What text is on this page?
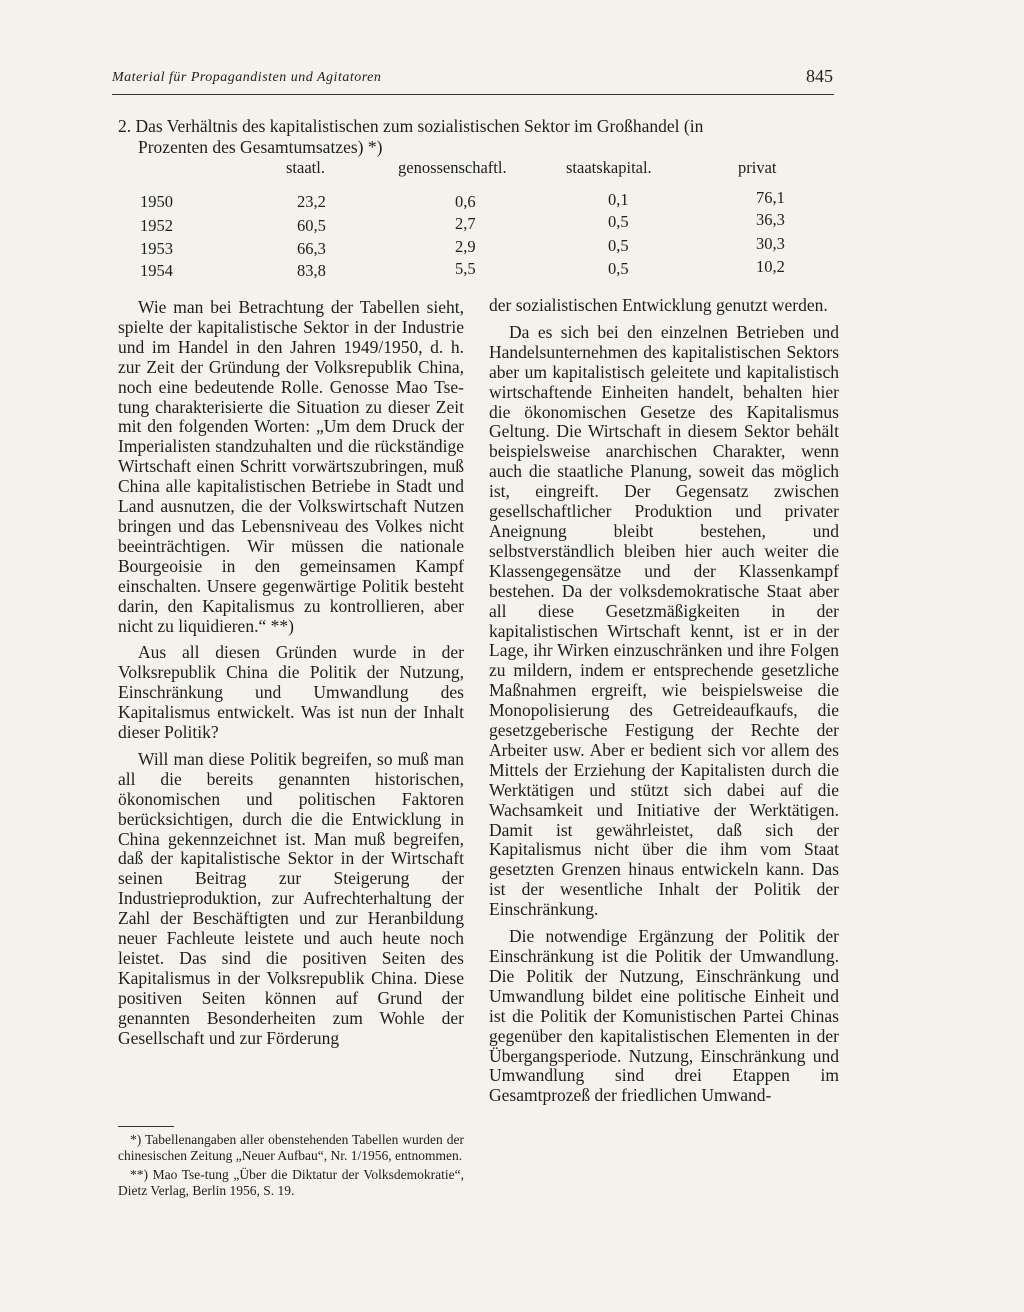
Material für Propagandisten und Agitatoren	845
2. Das Verhältnis des kapitalistischen zum sozialistischen Sektor im Großhandel (in
Prozenten des Gesamtumsatzes) *)
staatl.	genossenschaftl.	staatskapital.	privat
1950	23,2	0,6	0,1	76,1
1952	60,5	2,7	0,5	36,3
1953	66,3	2,9	0,5	30,3
1954	83,8	5,5	0,5	10,2

Wie man bei Betrachtung der Tabellen sieht, spielte der kapitalistische Sektor in der Industrie und im Handel in den Jahren 1949/1950, d. h. zur Zeit der Gründung der Volksrepublik China, noch eine bedeutende Rolle. Genosse Mao Tse-tung charakterisierte die Situation zu dieser Zeit mit den folgenden Worten: „Um dem Druck der Imperialisten standzuhalten und die rückständige Wirtschaft einen Schritt vorwärtszubringen, muß China alle kapitalistischen Betriebe in Stadt und Land ausnutzen, die der Volkswirtschaft Nutzen bringen und das Lebensniveau des Volkes nicht beeinträchtigen. Wir müssen die nationale Bourgeoisie in den gemeinsamen Kampf einschalten. Unsere gegenwärtige Politik besteht darin, den Kapitalismus zu kontrollieren, aber nicht zu liquidieren.“ **)

Aus all diesen Gründen wurde in der Volksrepublik China die Politik der Nutzung, Einschränkung und Umwandlung des Kapitalismus entwickelt. Was ist nun der Inhalt dieser Politik?

Will man diese Politik begreifen, so muß man all die bereits genannten historischen, ökonomischen und politischen Faktoren berücksichtigen, durch die die Entwicklung in China gekennzeichnet ist. Man muß begreifen, daß der kapitalistische Sektor in der Wirtschaft seinen Beitrag zur Steigerung der Industrieproduktion, zur Aufrechterhaltung der Zahl der Beschäftigten und zur Heranbildung neuer Fachleute leistete und auch heute noch leistet. Das sind die positiven Seiten des Kapitalismus in der Volksrepublik China. Diese positiven Seiten können auf Grund der genannten Besonderheiten zum Wohle der Gesellschaft und zur Förderung

der sozialistischen Entwicklung genutzt werden.

Da es sich bei den einzelnen Betrieben und Handelsunternehmen des kapitalistischen Sektors aber um kapitalistisch geleitete und kapitalistisch wirtschaftende Einheiten handelt, behalten hier die ökonomischen Gesetze des Kapitalismus Geltung. Die Wirtschaft in diesem Sektor behält beispielsweise anarchischen Charakter, wenn auch die staatliche Planung, soweit das möglich ist, eingreift. Der Gegensatz zwischen gesellschaftlicher Produktion und privater Aneignung bleibt bestehen, und selbstverständlich bleiben hier auch weiter die Klassengegensätze und der Klassenkampf bestehen. Da der volksdemokratische Staat aber all diese Gesetzmäßigkeiten in der kapitalistischen Wirtschaft kennt, ist er in der Lage, ihr Wirken einzuschränken und ihre Folgen zu mildern, indem er entsprechende gesetzliche Maßnahmen ergreift, wie beispielsweise die Monopolisierung des Getreideaufkaufs, die gesetzgeberische Festigung der Rechte der Arbeiter usw. Aber er bedient sich vor allem des Mittels der Erziehung der Kapitalisten durch die Werktätigen und stützt sich dabei auf die Wachsamkeit und Initiative der Werktätigen. Damit ist gewährleistet, daß sich der Kapitalismus nicht über die ihm vom Staat gesetzten Grenzen hinaus entwickeln kann. Das ist der wesentliche Inhalt der Politik der Einschränkung.

Die notwendige Ergänzung der Politik der Einschränkung ist die Politik der Umwandlung. Die Politik der Nutzung, Einschränkung und Umwandlung bildet eine politische Einheit und ist die Politik der Komunistischen Partei Chinas gegenüber den kapitalistischen Elementen in der Übergangsperiode. Nutzung, Einschränkung und Umwandlung sind drei Etappen im Gesamtprozeß der friedlichen Umwand-

*) Tabellenangaben aller obenstehenden Tabellen wurden der chinesischen Zeitung „Neuer Aufbau“, Nr. 1/1956, entnommen.

**) Mao Tse-tung „Über die Diktatur der Volksdemokratie“, Dietz Verlag, Berlin 1956, S. 19.
